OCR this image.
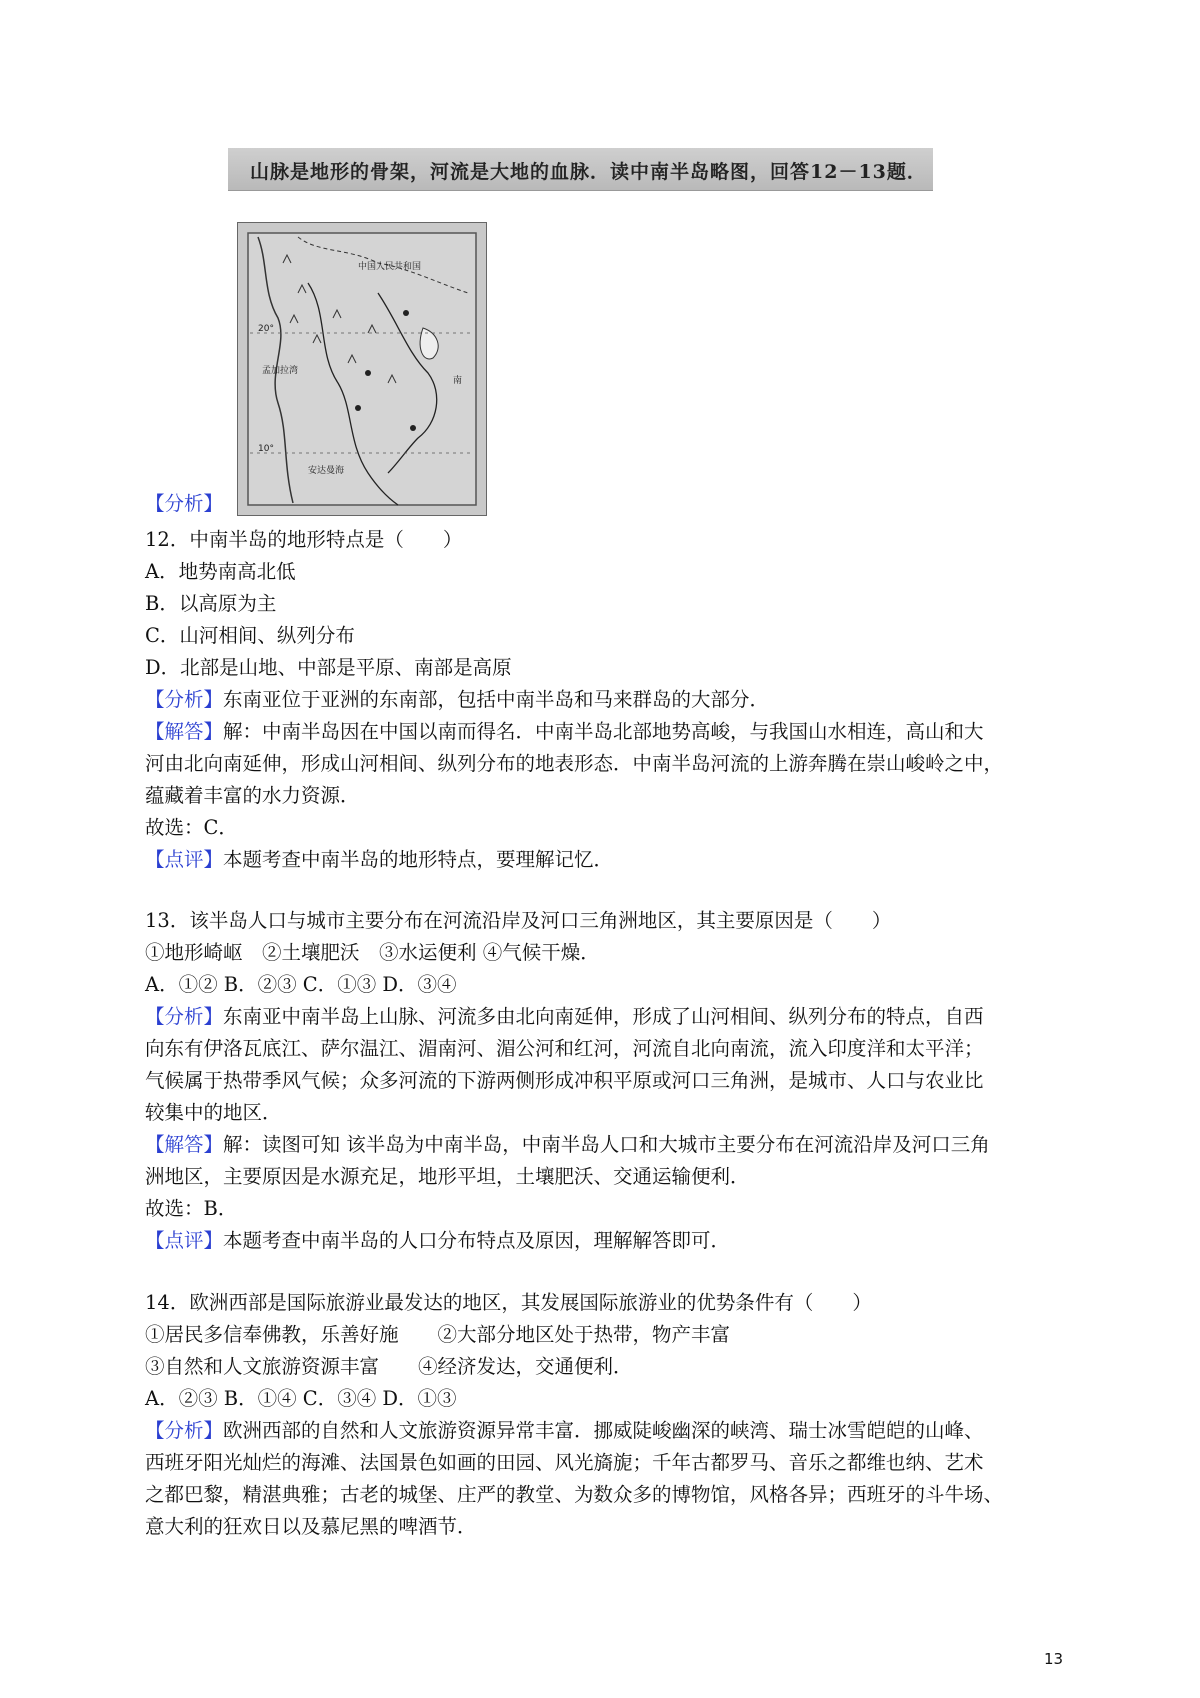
山脉是地形的骨架，河流是大地的血脉．读中南半岛略图，回答12－13题．
20°
10°
中国人民共和国
孟加拉湾
安达曼海
南
【分析】
12．中南半岛的地形特点是（　　）
A．地势南高北低
B．以高原为主
C．山河相间、纵列分布
D．北部是山地、中部是平原、南部是高原
【分析】东南亚位于亚洲的东南部，包括中南半岛和马来群岛的大部分．
【解答】解：中南半岛因在中国以南而得名．中南半岛北部地势高峻，与我国山水相连，高山和大
河由北向南延伸，形成山河相间、纵列分布的地表形态．中南半岛河流的上游奔腾在崇山峻岭之中，
蕴藏着丰富的水力资源．
故选：C．
【点评】本题考查中南半岛的地形特点，要理解记忆．
13．该半岛人口与城市主要分布在河流沿岸及河口三角洲地区，其主要原因是（　　）
①地形崎岖　②土壤肥沃　③水运便利 ④气候干燥．
A．①② B．②③ C．①③ D．③④
【分析】东南亚中南半岛上山脉、河流多由北向南延伸，形成了山河相间、纵列分布的特点，自西
向东有伊洛瓦底江、萨尔温江、湄南河、湄公河和红河，河流自北向南流，流入印度洋和太平洋；
气候属于热带季风气候；众多河流的下游两侧形成冲积平原或河口三角洲，是城市、人口与农业比
较集中的地区．
【解答】解：读图可知 该半岛为中南半岛，中南半岛人口和大城市主要分布在河流沿岸及河口三角
洲地区，主要原因是水源充足，地形平坦，土壤肥沃、交通运输便利．
故选：B．
【点评】本题考查中南半岛的人口分布特点及原因，理解解答即可．
14．欧洲西部是国际旅游业最发达的地区，其发展国际旅游业的优势条件有（　　）
①居民多信奉佛教，乐善好施　　②大部分地区处于热带，物产丰富
③自然和人文旅游资源丰富　　④经济发达，交通便利．
A．②③ B．①④ C．③④ D．①③
【分析】欧洲西部的自然和人文旅游资源异常丰富．挪威陡峻幽深的峡湾、瑞士冰雪皑皑的山峰、
西班牙阳光灿烂的海滩、法国景色如画的田园、风光旖旎；千年古都罗马、音乐之都维也纳、艺术
之都巴黎，精湛典雅；古老的城堡、庄严的教堂、为数众多的博物馆，风格各异；西班牙的斗牛场、
意大利的狂欢日以及慕尼黑的啤酒节．
13
